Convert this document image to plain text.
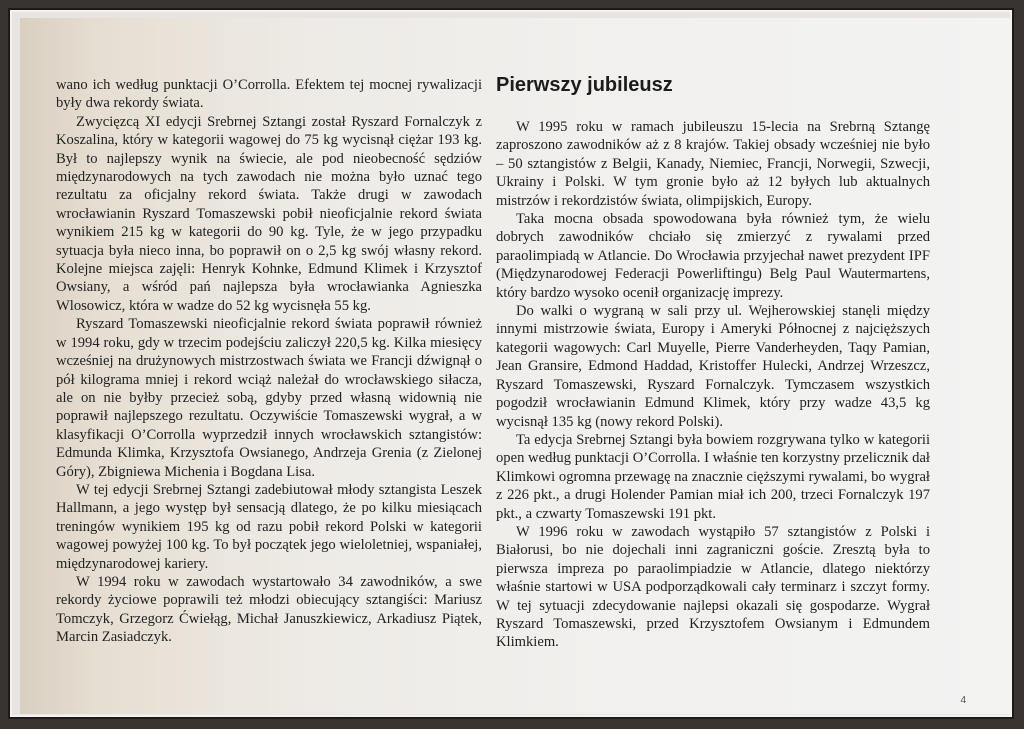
wano ich według punktacji O’Corrolla. Efektem tej mocnej rywalizacji były dwa rekordy świata.

Zwycięzcą XI edycji Srebrnej Sztangi został Ryszard Fornalczyk z Koszalina, który w kategorii wagowej do 75 kg wycisnął ciężar 193 kg. Był to najlepszy wynik na świecie, ale pod nieobecność sędziów międzynarodowych na tych zawodach nie można było uznać tego rezultatu za oficjalny rekord świata. Także drugi w zawodach wrocławianin Ryszard Tomaszewski pobił nieoficjalnie rekord świata wynikiem 215 kg w kategorii do 90 kg. Tyle, że w jego przypadku sytuacja była nieco inna, bo poprawił on o 2,5 kg swój własny rekord. Kolejne miejsca zajęli: Henryk Kohnke, Edmund Klimek i Krzysztof Owsiany, a wśród pań najlepsza była wrocławianka Agnieszka Wlosowicz, która w wadze do 52 kg wycisnęła 55 kg.

Ryszard Tomaszewski nieoficjalnie rekord świata poprawił również w 1994 roku, gdy w trzecim podejściu zaliczył 220,5 kg. Kilka miesięcy wcześniej na drużynowych mistrzostwach świata we Francji dźwignął o pół kilograma mniej i rekord wciąż należał do wrocławskiego siłacza, ale on nie byłby przecież sobą, gdyby przed własną widownią nie poprawił najlepszego rezultatu. Oczywiście Tomaszewski wygrał, a w klasyfikacji O’Corrolla wyprzedził innych wrocławskich sztangistów: Edmunda Klimka, Krzysztofa Owsianego, Andrzeja Grenia (z Zielonej Góry), Zbigniewa Michenia i Bogdana Lisa.

W tej edycji Srebrnej Sztangi zadebiutował młody sztangista Leszek Hallmann, a jego występ był sensacją dlatego, że po kilku miesiącach treningów wynikiem 195 kg od razu pobił rekord Polski w kategorii wagowej powyżej 100 kg. To był początek jego wieloletniej, wspaniałej, międzynarodowej kariery.

W 1994 roku w zawodach wystartowało 34 zawodników, a swe rekordy życiowe poprawili też młodzi obiecujący sztangiści: Mariusz Tomczyk, Grzegorz Ćwiełąg, Michał Januszkiewicz, Arkadiusz Piątek, Marcin Zasiadczyk.

Pierwszy jubileusz

W 1995 roku w ramach jubileuszu 15-lecia na Srebrną Sztangę zaproszono zawodników aż z 8 krajów. Takiej obsady wcześniej nie było – 50 sztangistów z Belgii, Kanady, Niemiec, Francji, Norwegii, Szwecji, Ukrainy i Polski. W tym gronie było aż 12 byłych lub aktualnych mistrzów i rekordzistów świata, olimpijskich, Europy.

Taka mocna obsada spowodowana była również tym, że wielu dobrych zawodników chciało się zmierzyć z rywalami przed paraolimpiadą w Atlancie. Do Wrocławia przyjechał nawet prezydent IPF (Międzynarodowej Federacji Powerliftingu) Belg Paul Wautermartens, który bardzo wysoko ocenił organizację imprezy.

Do walki o wygraną w sali przy ul. Wejherowskiej stanęli między innymi mistrzowie świata, Europy i Ameryki Północnej z najcięższych kategorii wagowych: Carl Muyelle, Pierre Vanderheyden, Taqy Pamian, Jean Gransire, Edmond Haddad, Kristoffer Hulecki, Andrzej Wrzeszcz, Ryszard Tomaszewski, Ryszard Fornalczyk. Tymczasem wszystkich pogodził wrocławianin Edmund Klimek, który przy wadze 43,5 kg wycisnął 135 kg (nowy rekord Polski).

Ta edycja Srebrnej Sztangi była bowiem rozgrywana tylko w kategorii open według punktacji O’Corrolla. I właśnie ten korzystny przelicznik dał Klimkowi ogromna przewagę na znacznie cięższymi rywalami, bo wygrał z 226 pkt., a drugi Holender Pamian miał ich 200, trzeci Fornalczyk 197 pkt., a czwarty Tomaszewski 191 pkt.

W 1996 roku w zawodach wystąpiło 57 sztangistów z Polski i Białorusi, bo nie dojechali inni zagraniczni goście. Zresztą była to pierwsza impreza po paraolimpiadzie w Atlancie, dlatego niektórzy właśnie startowi w USA podporządkowali cały terminarz i szczyt formy. W tej sytuacji zdecydowanie najlepsi okazali się gospodarze. Wygrał Ryszard Tomaszewski, przed Krzysztofem Owsianym i Edmundem Klimkiem.

4
